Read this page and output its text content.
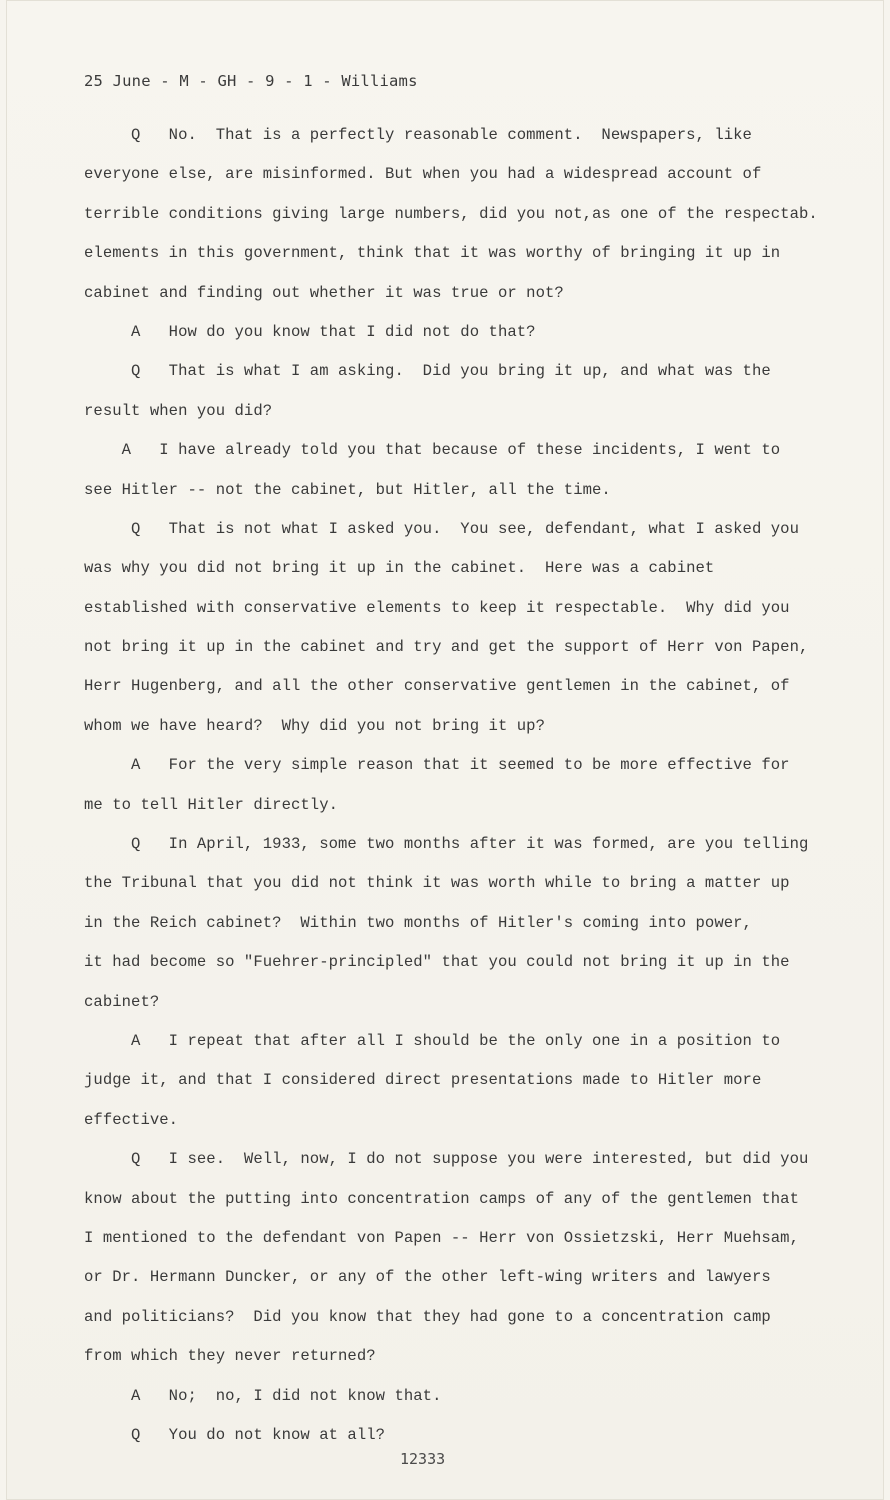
25 June - M - GH - 9 - 1 - Williams
Q   No.  That is a perfectly reasonable comment.  Newspapers, like
everyone else, are misinformed. But when you had a widespread account of
terrible conditions giving large numbers, did you not,as one of the respectab.
elements in this government, think that it was worthy of bringing it up in
cabinet and finding out whether it was true or not?
A   How do you know that I did not do that?
Q   That is what I am asking.  Did you bring it up, and what was the
result when you did?
A   I have already told you that because of these incidents, I went to
see Hitler -- not the cabinet, but Hitler, all the time.
Q   That is not what I asked you.  You see, defendant, what I asked you
was why you did not bring it up in the cabinet.  Here was a cabinet
established with conservative elements to keep it respectable.  Why did you
not bring it up in the cabinet and try and get the support of Herr von Papen,
Herr Hugenberg, and all the other conservative gentlemen in the cabinet, of
whom we have heard?  Why did you not bring it up?
A   For the very simple reason that it seemed to be more effective for
me to tell Hitler directly.
Q   In April, 1933, some two months after it was formed, are you telling
the Tribunal that you did not think it was worth while to bring a matter up
in the Reich cabinet?  Within two months of Hitler's coming into power,
it had become so "Fuehrer-principled" that you could not bring it up in the
cabinet?
A   I repeat that after all I should be the only one in a position to
judge it, and that I considered direct presentations made to Hitler more
effective.
Q   I see.  Well, now, I do not suppose you were interested, but did you
know about the putting into concentration camps of any of the gentlemen that
I mentioned to the defendant von Papen -- Herr von Ossietzski, Herr Muehsam,
or Dr. Hermann Duncker, or any of the other left-wing writers and lawyers
and politicians?  Did you know that they had gone to a concentration camp
from which they never returned?
A   No;  no, I did not know that.
Q   You do not know at all?
12333
